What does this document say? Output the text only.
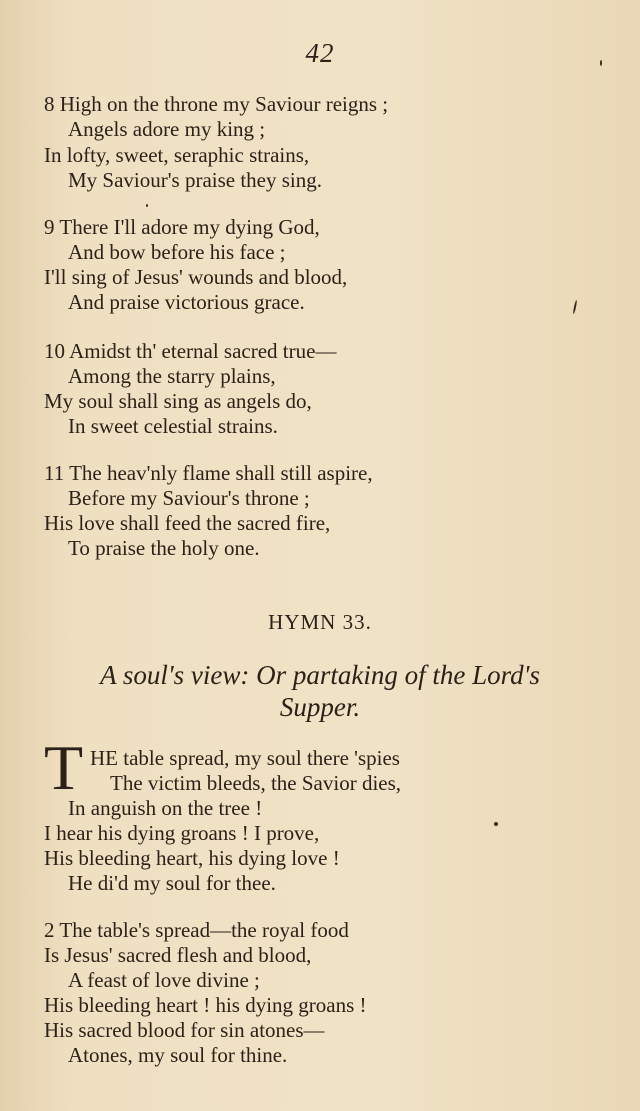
42
8 High on the throne my Saviour reigns ;
Angels adore my king ;
In lofty, sweet, seraphic strains,
My Saviour's praise they sing.
9 There I'll adore my dying God,
And bow before his face ;
I'll sing of Jesus' wounds and blood,
And praise victorious grace.
10 Amidst th' eternal sacred true—
Among the starry plains,
My soul shall sing as angels do,
In sweet celestial strains.
11 The heav'nly flame shall still aspire,
Before my Saviour's throne ;
His love shall feed the sacred fire,
To praise the holy one.
HYMN 33.
A soul's view: Or partaking of the Lord's
Supper.
T HE table spread, my soul there 'spies
The victim bleeds, the Savior dies,
In anguish on the tree !
I hear his dying groans ! I prove,
His bleeding heart, his dying love !
He di'd my soul for thee.
2 The table's spread—the royal food
Is Jesus' sacred flesh and blood,
A feast of love divine ;
His bleeding heart ! his dying groans !
His sacred blood for sin atones—
Atones, my soul for thine.
